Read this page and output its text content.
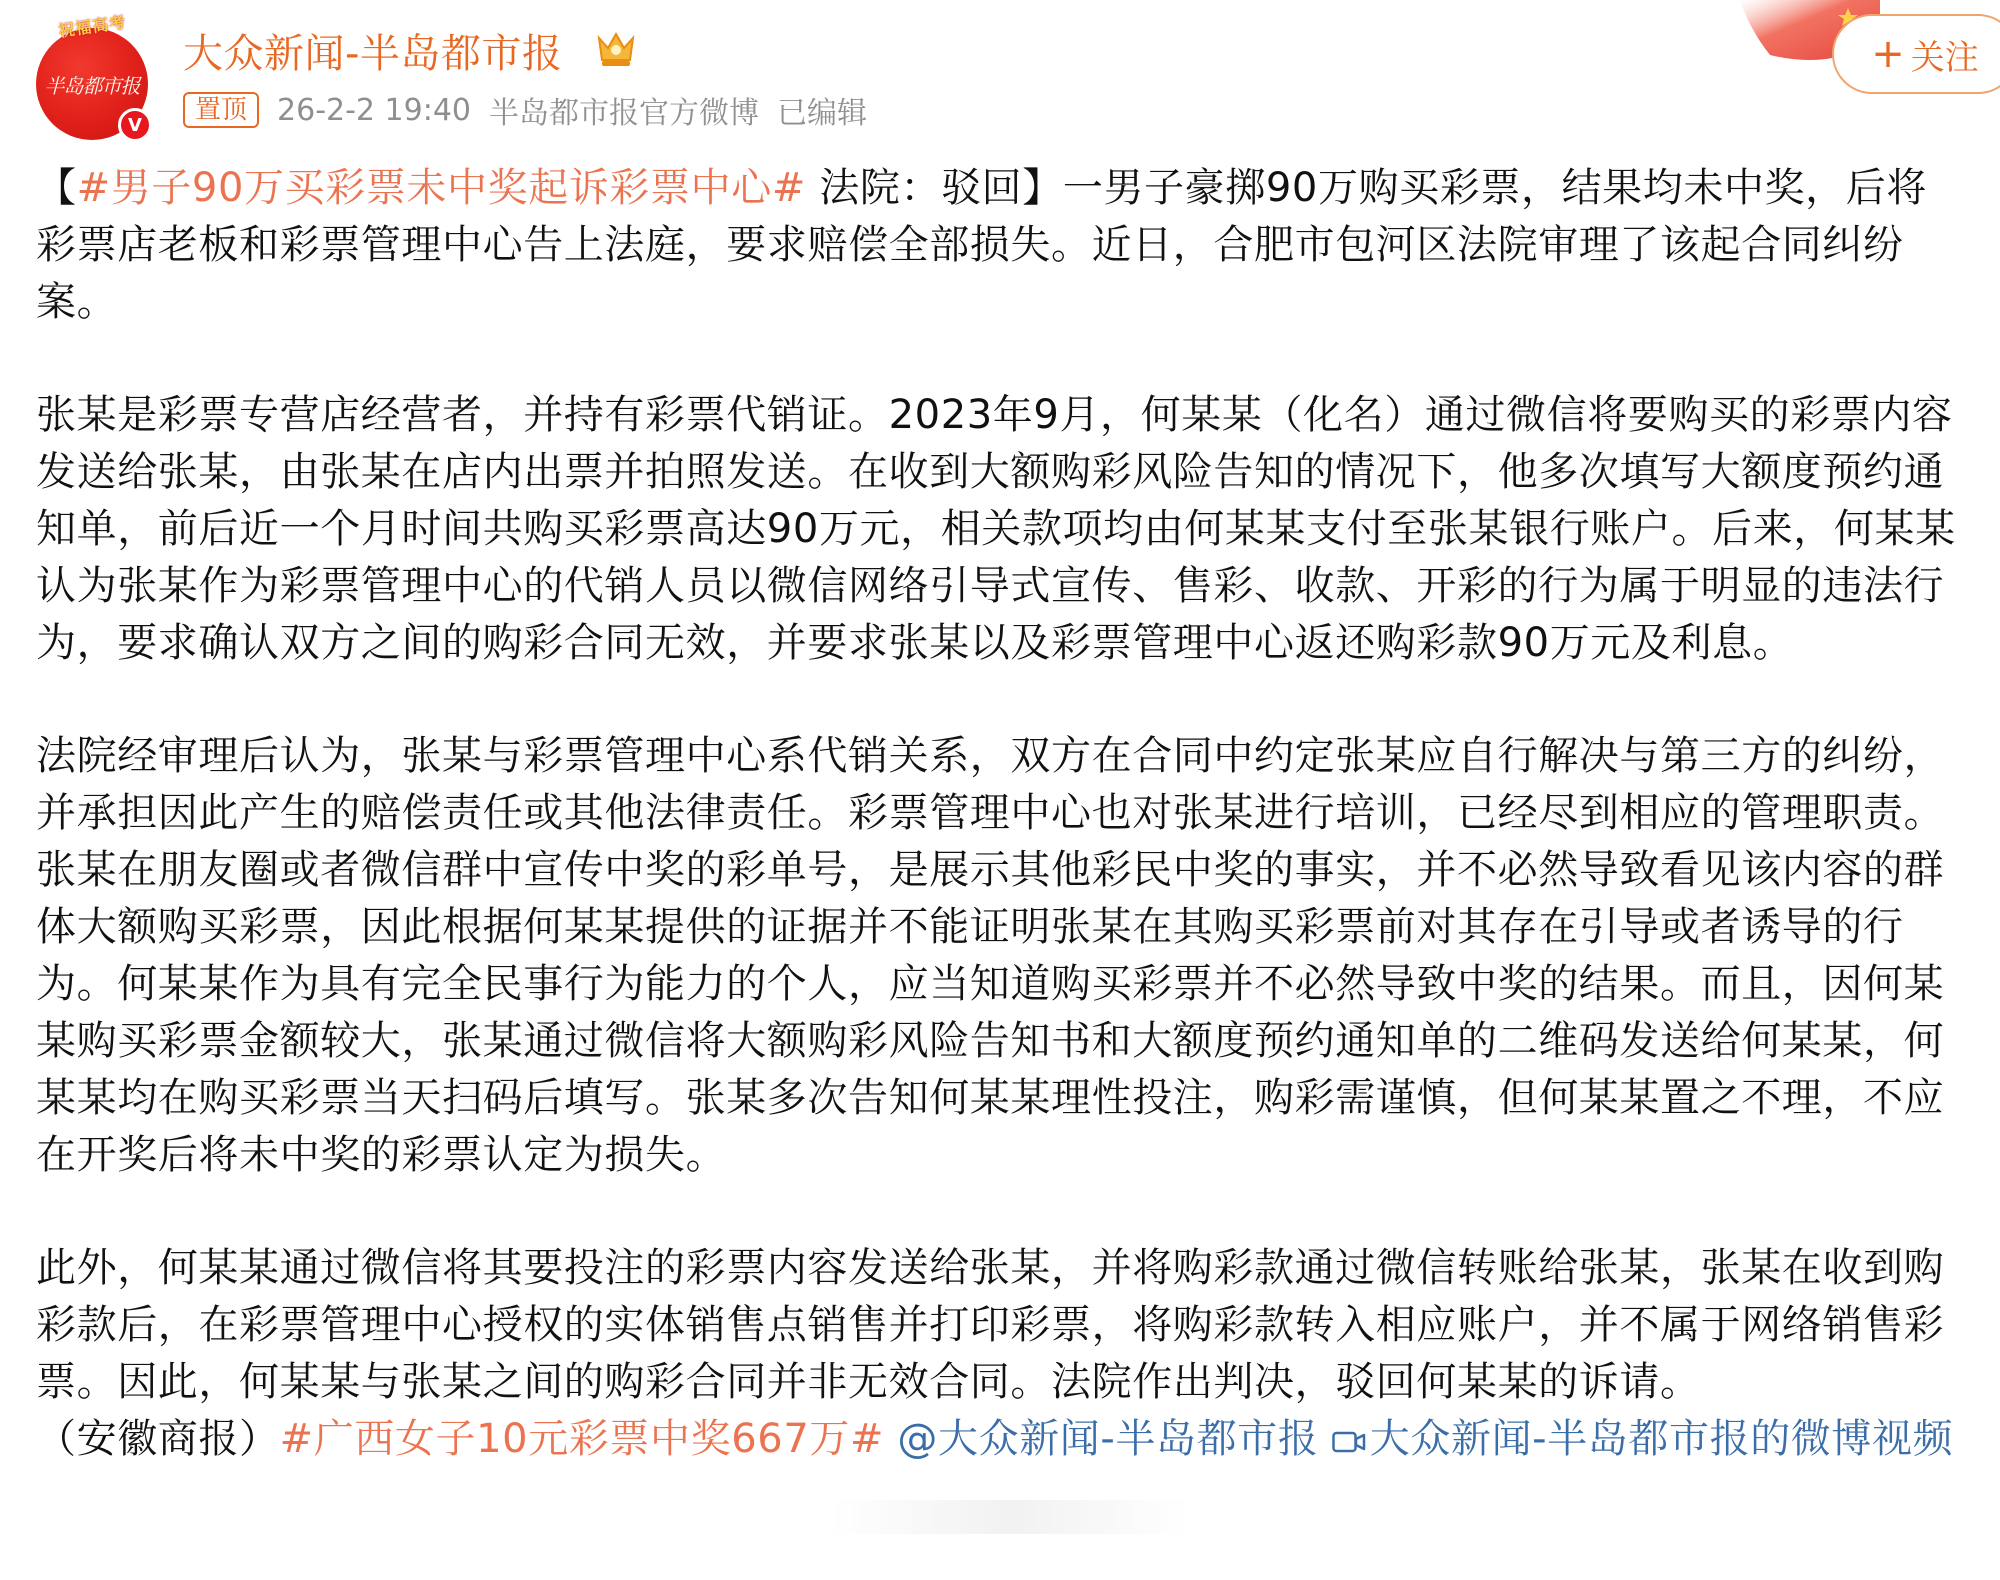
半岛都市报
祝福高考
V
大众新闻-半岛都市报
置顶	26-2-2 19:40 半岛都市报官方微博 已编辑
+ 关注

【#男子90万买彩票未中奖起诉彩票中心# 法院：驳回】一男子豪掷90万购买彩票，结果均未中奖，后将彩票店老板和彩票管理中心告上法庭，要求赔偿全部损失。近日，合肥市包河区法院审理了该起合同纠纷案。

张某是彩票专营店经营者，并持有彩票代销证。2023年9月，何某某（化名）通过微信将要购买的彩票内容发送给张某，由张某在店内出票并拍照发送。在收到大额购彩风险告知的情况下，他多次填写大额度预约通知单，前后近一个月时间共购买彩票高达90万元，相关款项均由何某某支付至张某银行账户。后来，何某某认为张某作为彩票管理中心的代销人员以微信网络引导式宣传、售彩、收款、开彩的行为属于明显的违法行为，要求确认双方之间的购彩合同无效，并要求张某以及彩票管理中心返还购彩款90万元及利息。

法院经审理后认为，张某与彩票管理中心系代销关系，双方在合同中约定张某应自行解决与第三方的纠纷，并承担因此产生的赔偿责任或其他法律责任。彩票管理中心也对张某进行培训，已经尽到相应的管理职责。张某在朋友圈或者微信群中宣传中奖的彩单号，是展示其他彩民中奖的事实，并不必然导致看见该内容的群体大额购买彩票，因此根据何某某提供的证据并不能证明张某在其购买彩票前对其存在引导或者诱导的行为。何某某作为具有完全民事行为能力的个人，应当知道购买彩票并不必然导致中奖的结果。而且，因何某某购买彩票金额较大，张某通过微信将大额购彩风险告知书和大额度预约通知单的二维码发送给何某某，何某某均在购买彩票当天扫码后填写。张某多次告知何某某理性投注，购彩需谨慎，但何某某置之不理，不应在开奖后将未中奖的彩票认定为损失。

此外，何某某通过微信将其要投注的彩票内容发送给张某，并将购彩款通过微信转账给张某，张某在收到购彩款后，在彩票管理中心授权的实体销售点销售并打印彩票，将购彩款转入相应账户，并不属于网络销售彩票。因此，何某某与张某之间的购彩合同并非无效合同。法院作出判决，驳回何某某的诉请。
（安徽商报）#广西女子10元彩票中奖667万# @大众新闻-半岛都市报 大众新闻-半岛都市报的微博视频
